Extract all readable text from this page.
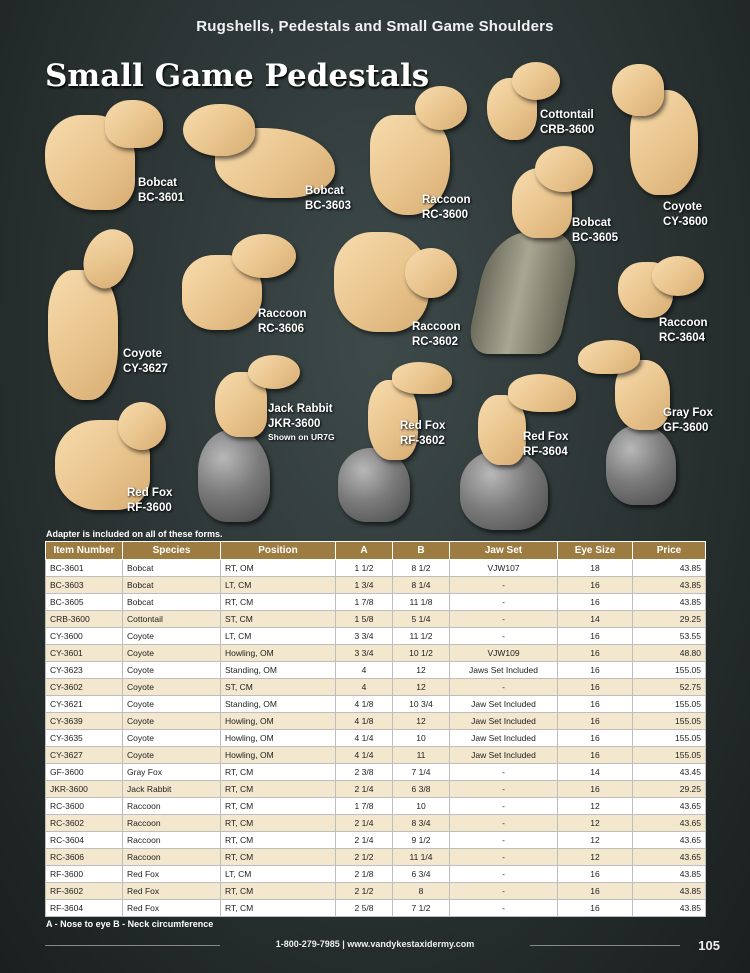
Rugshells, Pedestals and Small Game Shoulders
Small Game Pedestals
Bobcat
BC-3601
Bobcat
BC-3603	Raccoon
RC-3600
Cottontail
CRB-3600
Coyote
CY-3600
Bobcat
BC-3605
Coyote
CY-3627
Raccoon
RC-3606	Raccoon
RC-3602
Raccoon
RC-3604
Jack Rabbit
JKR-3600
Shown on UR7G
Red Fox
RF-3602	Red Fox
RF-3604
Gray Fox
GF-3600
Red Fox
RF-3600
Adapter is included on all of these forms.
Item Number	Species	Position	A	B	Jaw Set	Eye Size	Price
BC-3601	Bobcat	RT, OM	1 1/2	8 1/2	VJW107	18	43.85
BC-3603	Bobcat	LT, CM	1 3/4	8 1/4	-	16	43.85
BC-3605	Bobcat	RT, CM	1 7/8	11 1/8	-	16	43.85
CRB-3600	Cottontail	ST, CM	1 5/8	5 1/4	-	14	29.25
CY-3600	Coyote	LT, CM	3 3/4	11 1/2	-	16	53.55
CY-3601	Coyote	Howling, OM	3 3/4	10 1/2	VJW109	16	48.80
CY-3623	Coyote	Standing, OM	4	12	Jaws Set Included	16	155.05
CY-3602	Coyote	ST, CM	4	12	-	16	52.75
CY-3621	Coyote	Standing, OM	4 1/8	10 3/4	Jaw Set Included	16	155.05
CY-3639	Coyote	Howling, OM	4 1/8	12	Jaw Set Included	16	155.05
CY-3635	Coyote	Howling, OM	4 1/4	10	Jaw Set Included	16	155.05
CY-3627	Coyote	Howling, OM	4 1/4	11	Jaw Set Included	16	155.05
GF-3600	Gray Fox	RT, CM	2 3/8	7 1/4	-	14	43.45
JKR-3600	Jack Rabbit	RT, CM	2 1/4	6 3/8	-	16	29.25
RC-3600	Raccoon	RT, CM	1 7/8	10	-	12	43.65
RC-3602	Raccoon	RT, CM	2 1/4	8 3/4	-	12	43.65
RC-3604	Raccoon	RT, CM	2 1/4	9 1/2	-	12	43.65
RC-3606	Raccoon	RT, CM	2 1/2	11 1/4	-	12	43.65
RF-3600	Red Fox	LT, CM	2 1/8	6 3/4	-	16	43.85
RF-3602	Red Fox	RT, CM	2 1/2	8	-	16	43.85
RF-3604	Red Fox	RT, CM	2 5/8	7 1/2	-	16	43.85
A - Nose to eye B - Neck circumference
1-800-279-7985 | www.vandykestaxidermy.com	105
